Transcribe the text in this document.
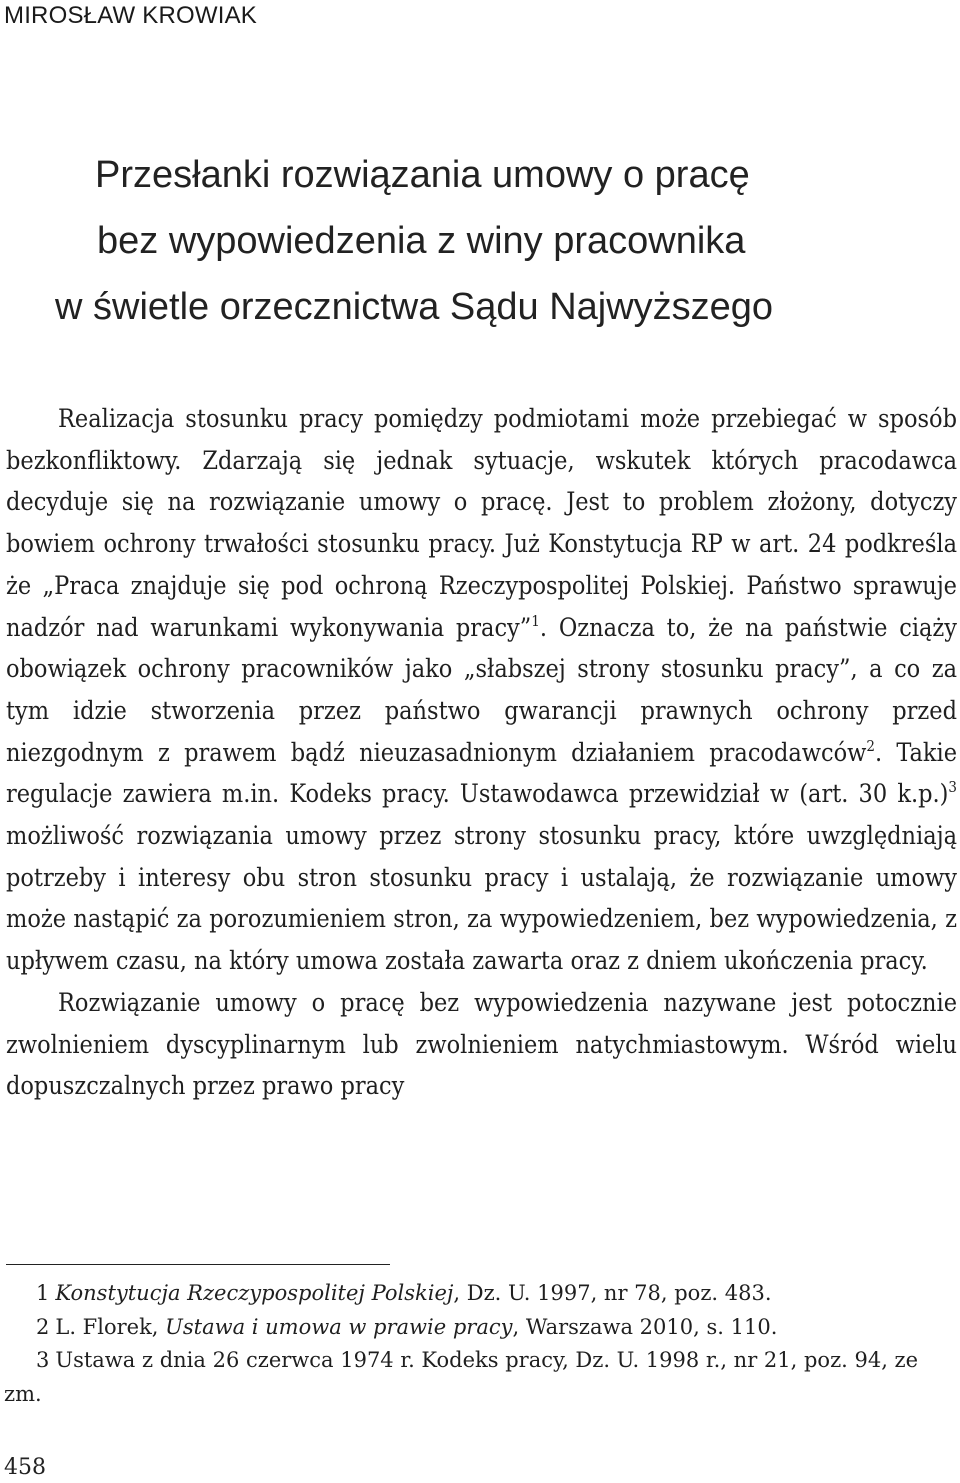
MIROSŁAW KROWIAK
Przesłanki rozwiązania umowy o pracę
bez wypowiedzenia z winy pracownika
w świetle orzecznictwa Sądu Najwyższego

Realizacja stosunku pracy pomiędzy podmiotami może przebiegać w sposób bezkonfliktowy. Zdarzają się jednak sytuacje, wskutek których pracodawca decyduje się na rozwiązanie umowy o pracę. Jest to problem złożony, dotyczy bowiem ochrony trwałości stosunku pracy. Już Konstytucja RP w art. 24 podkreśla że „Praca znajduje się pod ochroną Rzeczypospolitej Polskiej. Państwo sprawuje nadzór nad warunkami wykonywania pracy”$^1$. Oznacza to, że na państwie ciąży obowiązek ochrony pracowników jako „słabszej strony stosunku pracy”, a co za tym idzie stworzenia przez państwo gwarancji prawnych ochrony przed niezgodnym z prawem bądź nieuzasadnionym działaniem pracodawców$^2$. Takie regulacje zawiera m.in. Kodeks pracy. Ustawodawca przewidział w (art. 30 k.p.)$^3$ możliwość rozwiązania umowy przez strony stosunku pracy, które uwzględniają potrzeby i interesy obu stron stosunku pracy i ustalają, że rozwiązanie umowy może nastąpić za porozumieniem stron, za wypowiedzeniem, bez wypowiedzenia, z upływem czasu, na który umowa została zawarta oraz z dniem ukończenia pracy.

Rozwiązanie umowy o pracę bez wypowiedzenia nazywane jest potocznie zwolnieniem dyscyplinarnym lub zwolnieniem natychmiastowym. Wśród wielu dopuszczalnych przez prawo pracy

1 Konstytucja Rzeczypospolitej Polskiej, Dz. U. 1997, nr 78, poz. 483.

2 L. Florek, Ustawa i umowa w prawie pracy, Warszawa 2010, s. 110.

3 Ustawa z dnia 26 czerwca 1974 r. Kodeks pracy, Dz. U. 1998 r., nr 21, poz. 94, ze zm.

458
